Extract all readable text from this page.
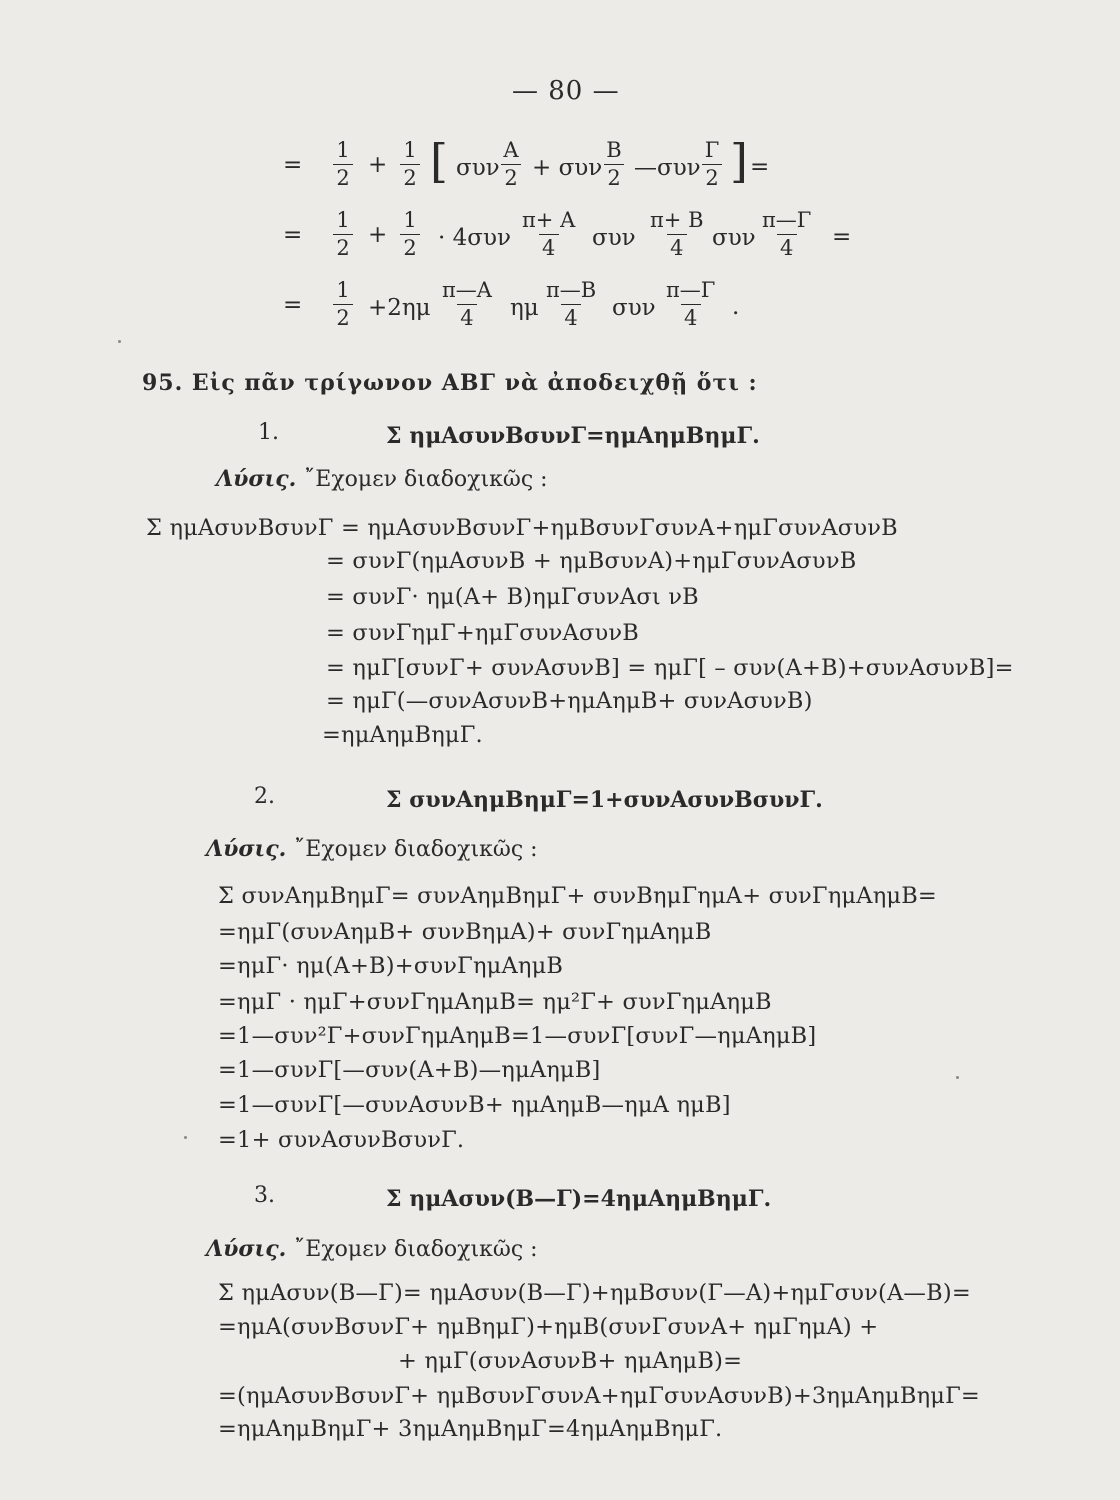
— 80 —
= $\frac{1}{2} + \frac{1}{2}$ [ συν $\frac{A}{2} + \sigma\upsilon\nu \frac{B}{2}$ —συν $\frac{\Gamma}{2}$ ] =
= $\frac{1}{2} + \frac{1}{2} \cdot 4\sigma\upsilon\nu \frac{\pi+ A}{4}$ συν $\frac{\pi+ B}{4}$ συν $\frac{\pi—\Gamma}{4}$ =
= $\frac{1}{2} +2\eta\mu \frac{\pi—A}{4}$ ημ $\frac{\pi—B}{4}$ συν $\frac{\pi—\Gamma}{4}$ .
95. Εἰς πᾶν τρίγωνον ΑΒΓ νὰ ἀποδειχθῇ ὅτι :
1.	Σ ημAσυνBσυνΓ=ημAημBημΓ.
Λύσις. ῎Εχομεν διαδοχικῶς :
Σ ημAσυνBσυνΓ = ημAσυνBσυνΓ+ημBσυνΓσυνA+ημΓσυνAσυνB
= συνΓ(ημAσυνB + ημBσυνA)+ημΓσυνAσυνB
= συνΓ· ημ(A+ B)ημΓσυνAσι νB
= συνΓημΓ+ημΓσυνAσυνB
= ημΓ[συνΓ+ συνAσυνB] = ημΓ[ – συν(A+B)+συνAσυνB]=
= ημΓ(—συνAσυνB+ημAημB+ συνAσυνB)
=ημAημBημΓ.
2.	Σ συνAημBημΓ=1+συνAσυνBσυνΓ.
Λύσις. ῎Εχομεν διαδοχικῶς :
Σ συνAημBημΓ= συνAημBημΓ+ συνBημΓημA+ συνΓημAημB=
=ημΓ(συνAημB+ συνBημA)+ συνΓημAημB
=ημΓ· ημ(A+B)+συνΓημAημB
=ημΓ · ημΓ+συνΓημAημB= ημ²Γ+ συνΓημAημB
=1—συν²Γ+συνΓημAημB=1—συνΓ[συνΓ—ημAημB]
=1—συνΓ[—συν(A+B)—ημAημB]
=1—συνΓ[—συνAσυνB+ ημAημB—ημA ημB]
=1+ συνAσυνBσυνΓ.
3.	Σ ημAσυν(B—Γ)=4ημAημBημΓ.
Λύσις. ῎Εχομεν διαδοχικῶς :
Σ ημAσυν(B—Γ)= ημAσυν(B—Γ)+ημBσυν(Γ—A)+ημΓσυν(A—B)=
=ημA(συνBσυνΓ+ ημBημΓ)+ημB(συνΓσυνA+ ημΓημA) +
+ ημΓ(συνAσυνB+ ημAημB)=
=(ημAσυνBσυνΓ+ ημBσυνΓσυνA+ημΓσυνAσυνB)+3ημAημBημΓ=
=ημAημBημΓ+ 3ημAημBημΓ=4ημAημBημΓ.
